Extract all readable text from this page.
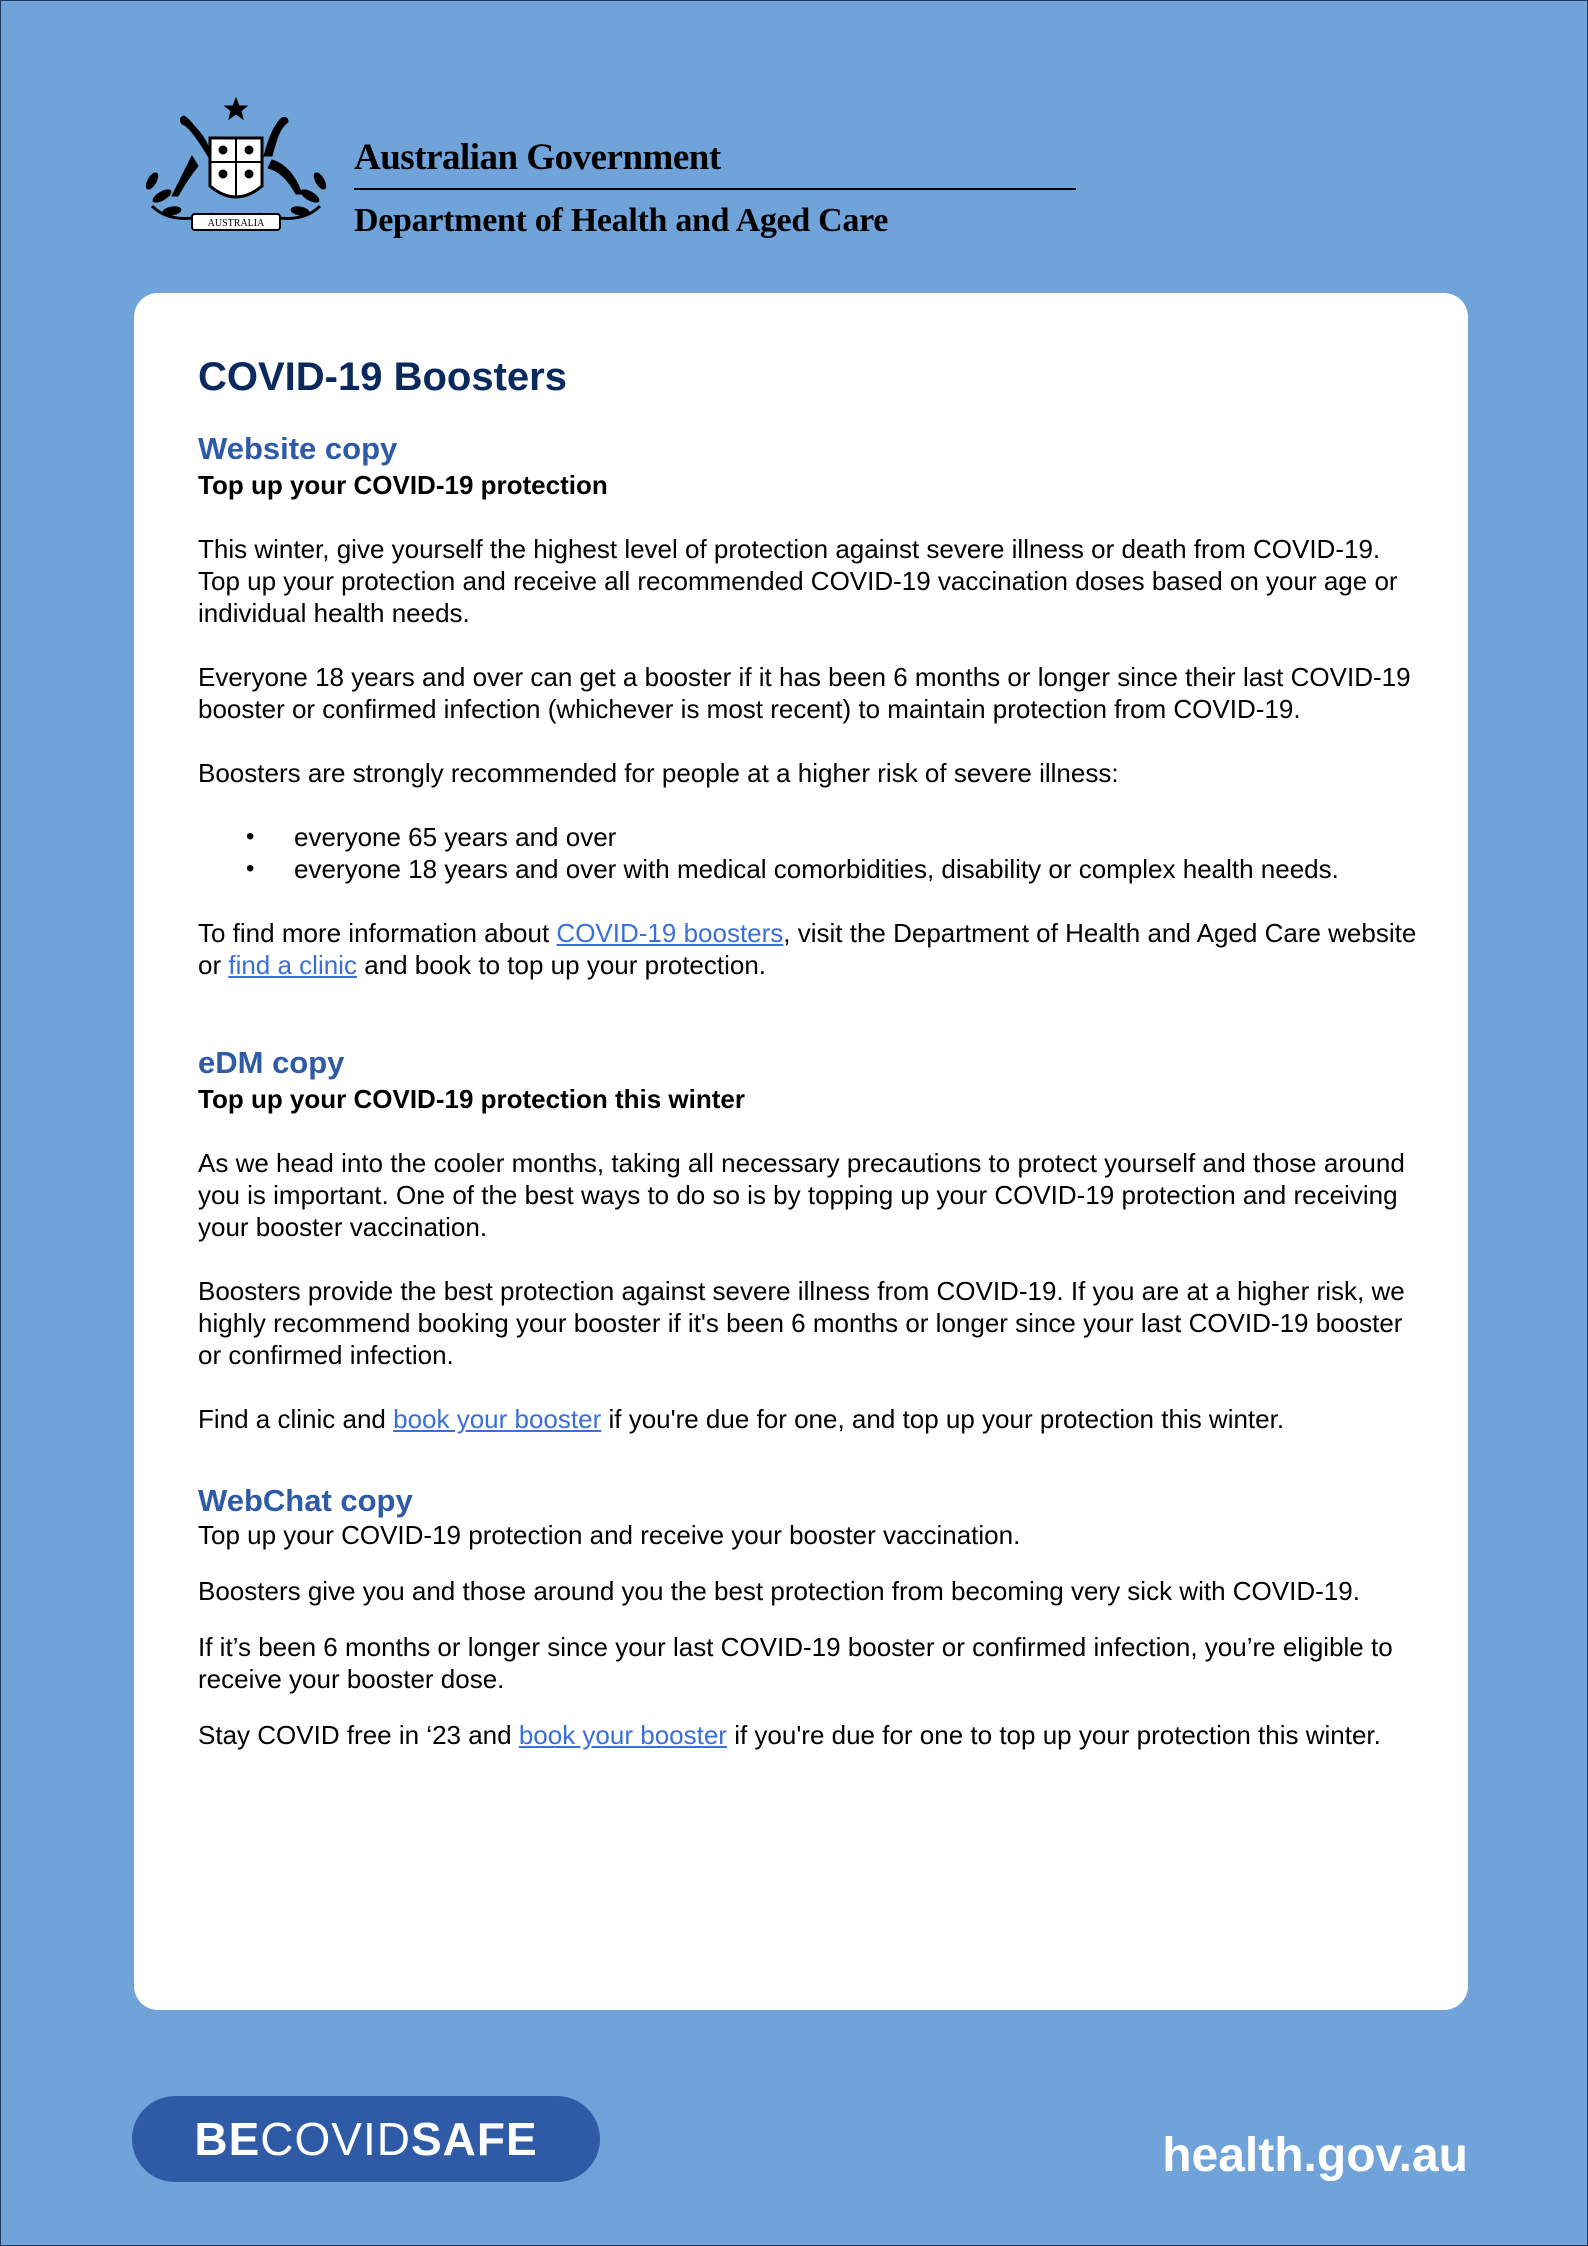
AUSTRALIA
Australian Government
Department of Health and Aged Care
COVID-19 Boosters
Website copy
Top up your COVID-19 protection

This winter, give yourself the highest level of protection against severe illness or death from COVID-19. Top up your protection and receive all recommended COVID-19 vaccination doses based on your age or individual health needs.

Everyone 18 years and over can get a booster if it has been 6 months or longer since their last COVID-19 booster or confirmed infection (whichever is most recent) to maintain protection from COVID-19.

Boosters are strongly recommended for people at a higher risk of severe illness:

• everyone 65 years and over
• everyone 18 years and over with medical comorbidities, disability or complex health needs.

To find more information about COVID-19 boosters, visit the Department of Health and Aged Care website or find a clinic and book to top up your protection.

eDM copy
Top up your COVID-19 protection this winter

As we head into the cooler months, taking all necessary precautions to protect yourself and those around you is important. One of the best ways to do so is by topping up your COVID-19 protection and receiving your booster vaccination.

Boosters provide the best protection against severe illness from COVID-19. If you are at a higher risk, we highly recommend booking your booster if it's been 6 months or longer since your last COVID-19 booster or confirmed infection.

Find a clinic and book your booster if you're due for one, and top up your protection this winter.

WebChat copy

Top up your COVID-19 protection and receive your booster vaccination.

Boosters give you and those around you the best protection from becoming very sick with COVID-19.

If it’s been 6 months or longer since your last COVID-19 booster or confirmed infection, you’re eligible to receive your booster dose.

Stay COVID free in ‘23 and book your booster if you're due for one to top up your protection this winter.

BE COVID SAFE	health.gov.au
